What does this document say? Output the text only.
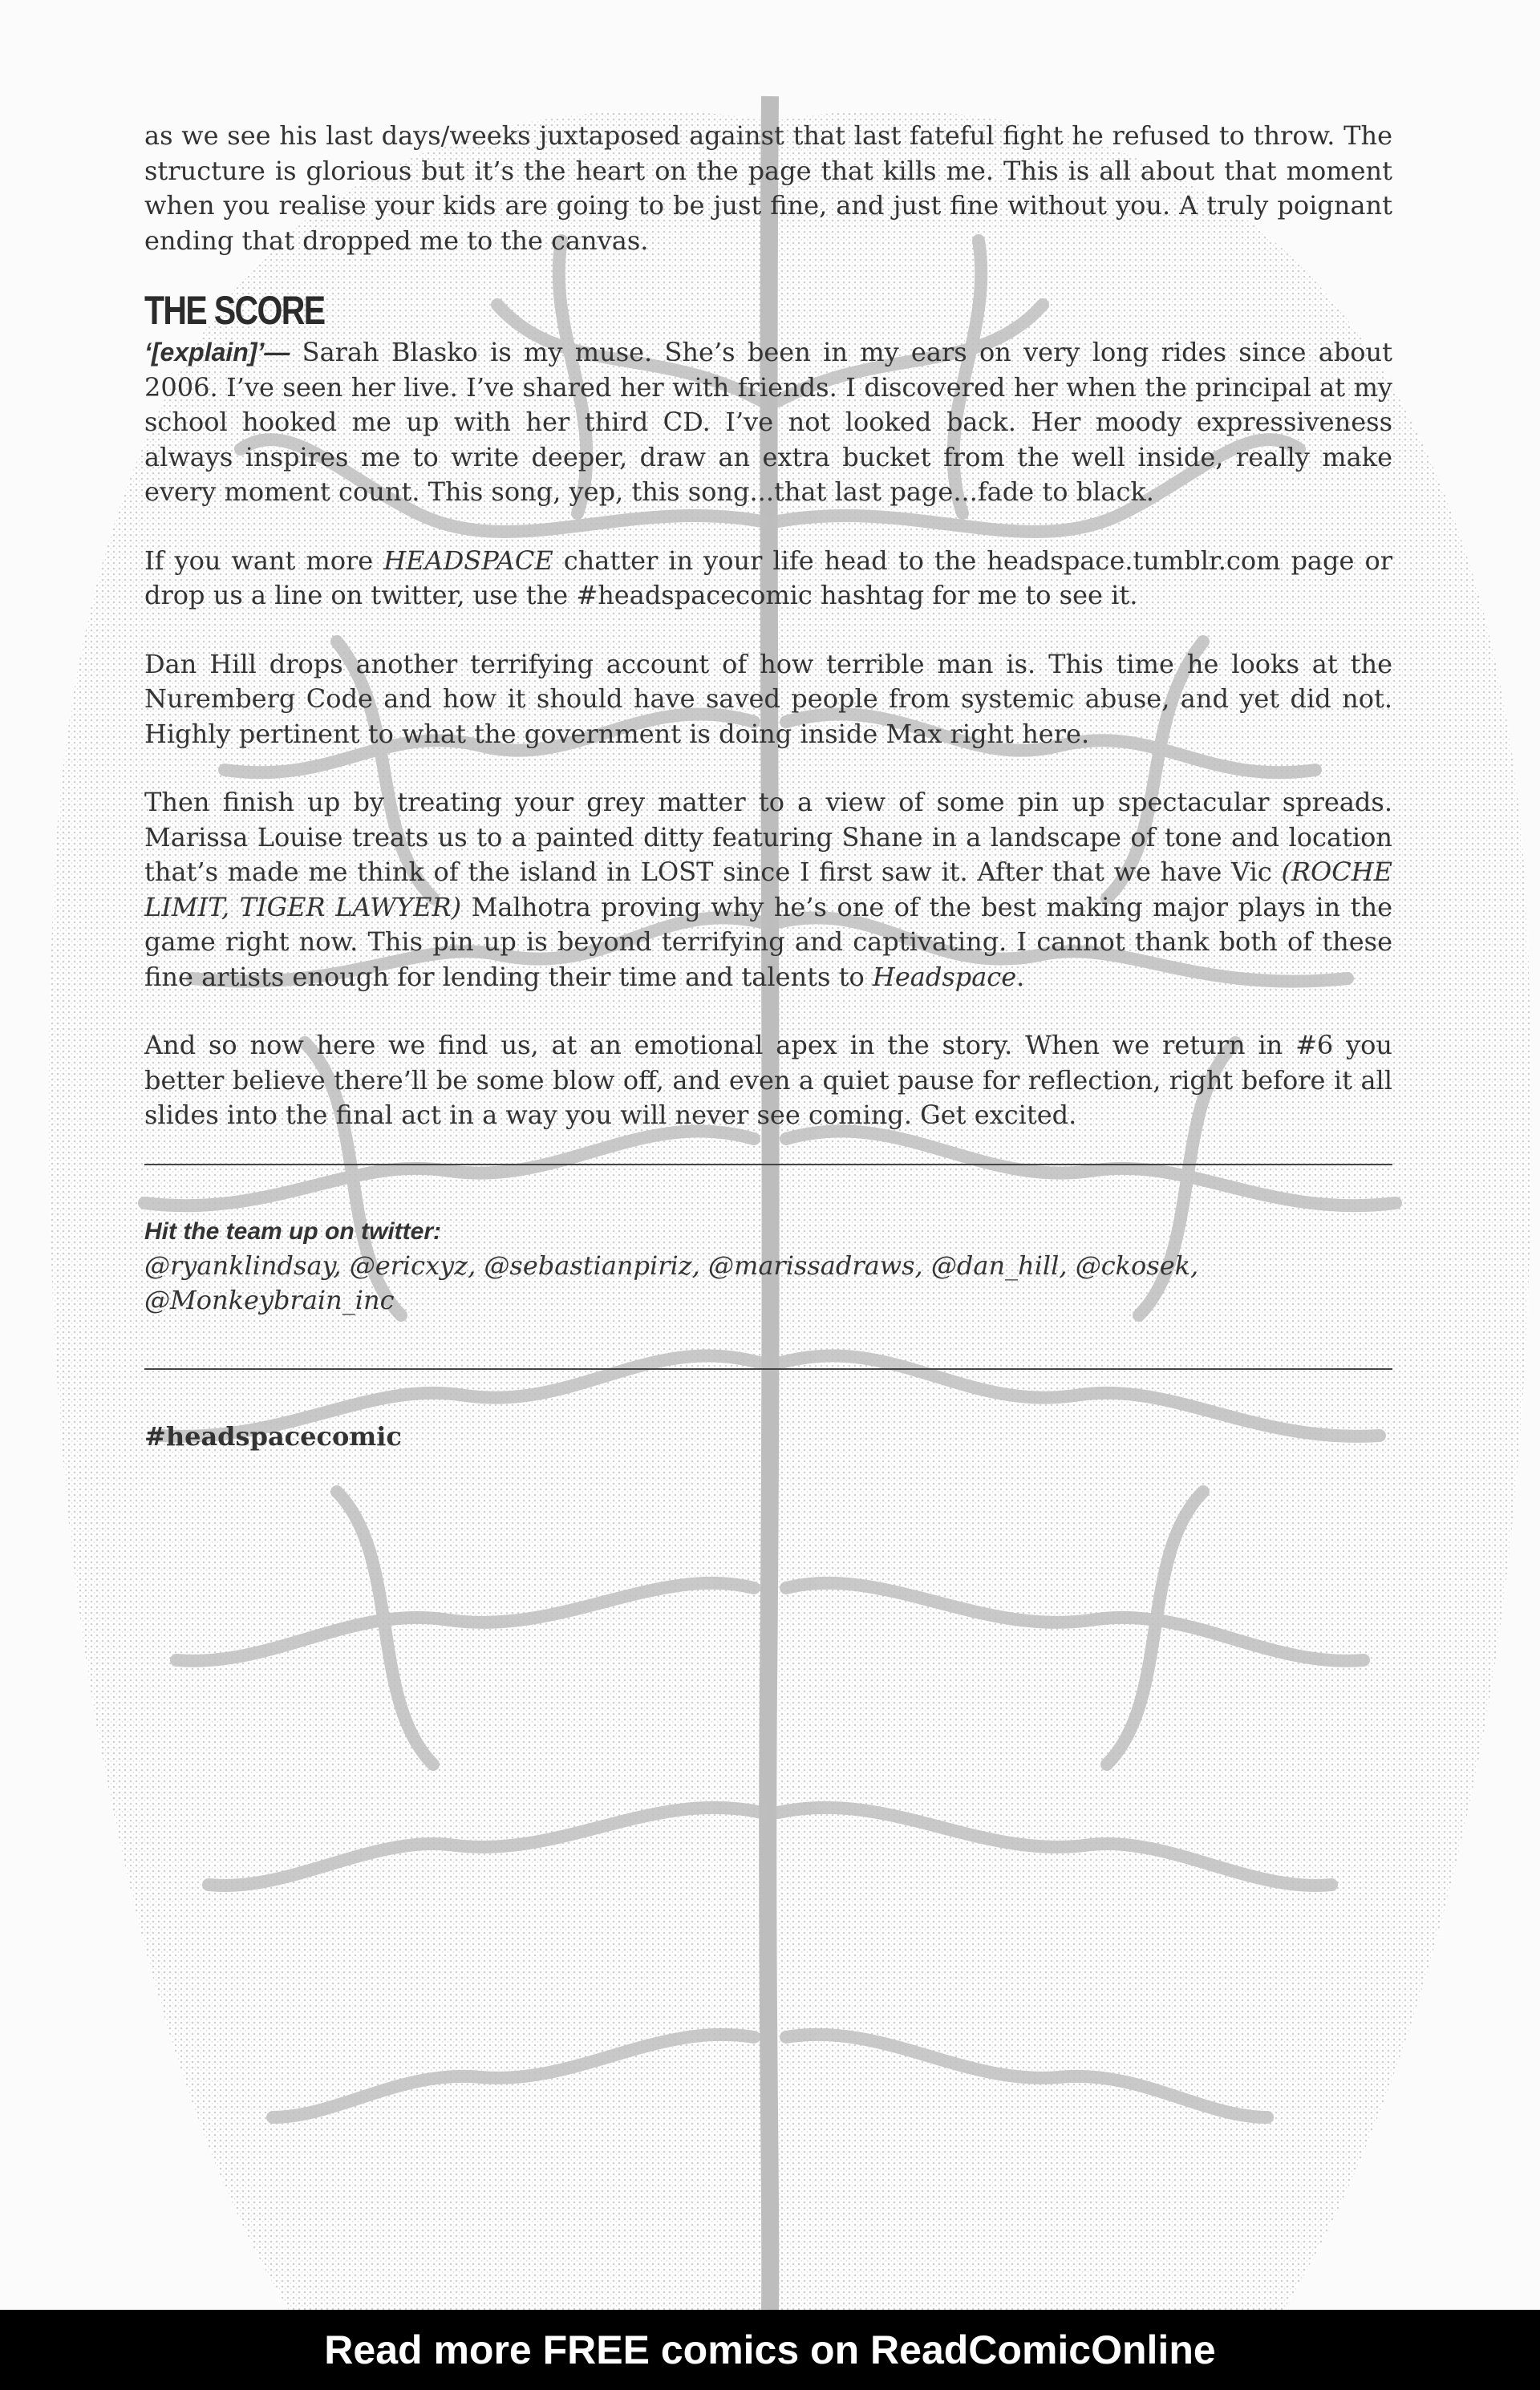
as we see his last days/weeks juxtaposed against that last fateful fight he refused to throw. The structure is glorious but it’s the heart on the page that kills me. This is all about that moment when you realise your kids are going to be just fine, and just fine without you. A truly poignant ending that dropped me to the canvas.

THE SCORE

‘[explain]’— Sarah Blasko is my muse. She’s been in my ears on very long rides since about 2006. I’ve seen her live. I’ve shared her with friends. I discovered her when the principal at my school hooked me up with her third CD. I’ve not looked back. Her moody expressiveness always inspires me to write deeper, draw an extra bucket from the well inside, really make every moment count. This song, yep, this song...that last page...fade to black.

If you want more HEADSPACE chatter in your life head to the headspace.tumblr.com page or drop us a line on twitter, use the #headspacecomic hashtag for me to see it.

Dan Hill drops another terrifying account of how terrible man is. This time he looks at the Nuremberg Code and how it should have saved people from systemic abuse, and yet did not. Highly pertinent to what the government is doing inside Max right here.

Then finish up by treating your grey matter to a view of some pin up spectacular spreads. Marissa Louise treats us to a painted ditty featuring Shane in a landscape of tone and location that’s made me think of the island in LOST since I first saw it. After that we have Vic (ROCHE LIMIT, TIGER LAWYER) Malhotra proving why he’s one of the best making major plays in the game right now. This pin up is beyond terrifying and captivating. I cannot thank both of these fine artists enough for lending their time and talents to Headspace.

And so now here we find us, at an emotional apex in the story. When we return in #6 you better believe there’ll be some blow off, and even a quiet pause for reflection, right before it all slides into the final act in a way you will never see coming. Get excited.

Hit the team up on twitter:
@ryanklindsay, @ericxyz, @sebastianpiriz, @marissadraws, @dan_hill, @ckosek, @Monkeybrain_inc
#headspacecomic
Read more FREE comics on ReadComicOnline
